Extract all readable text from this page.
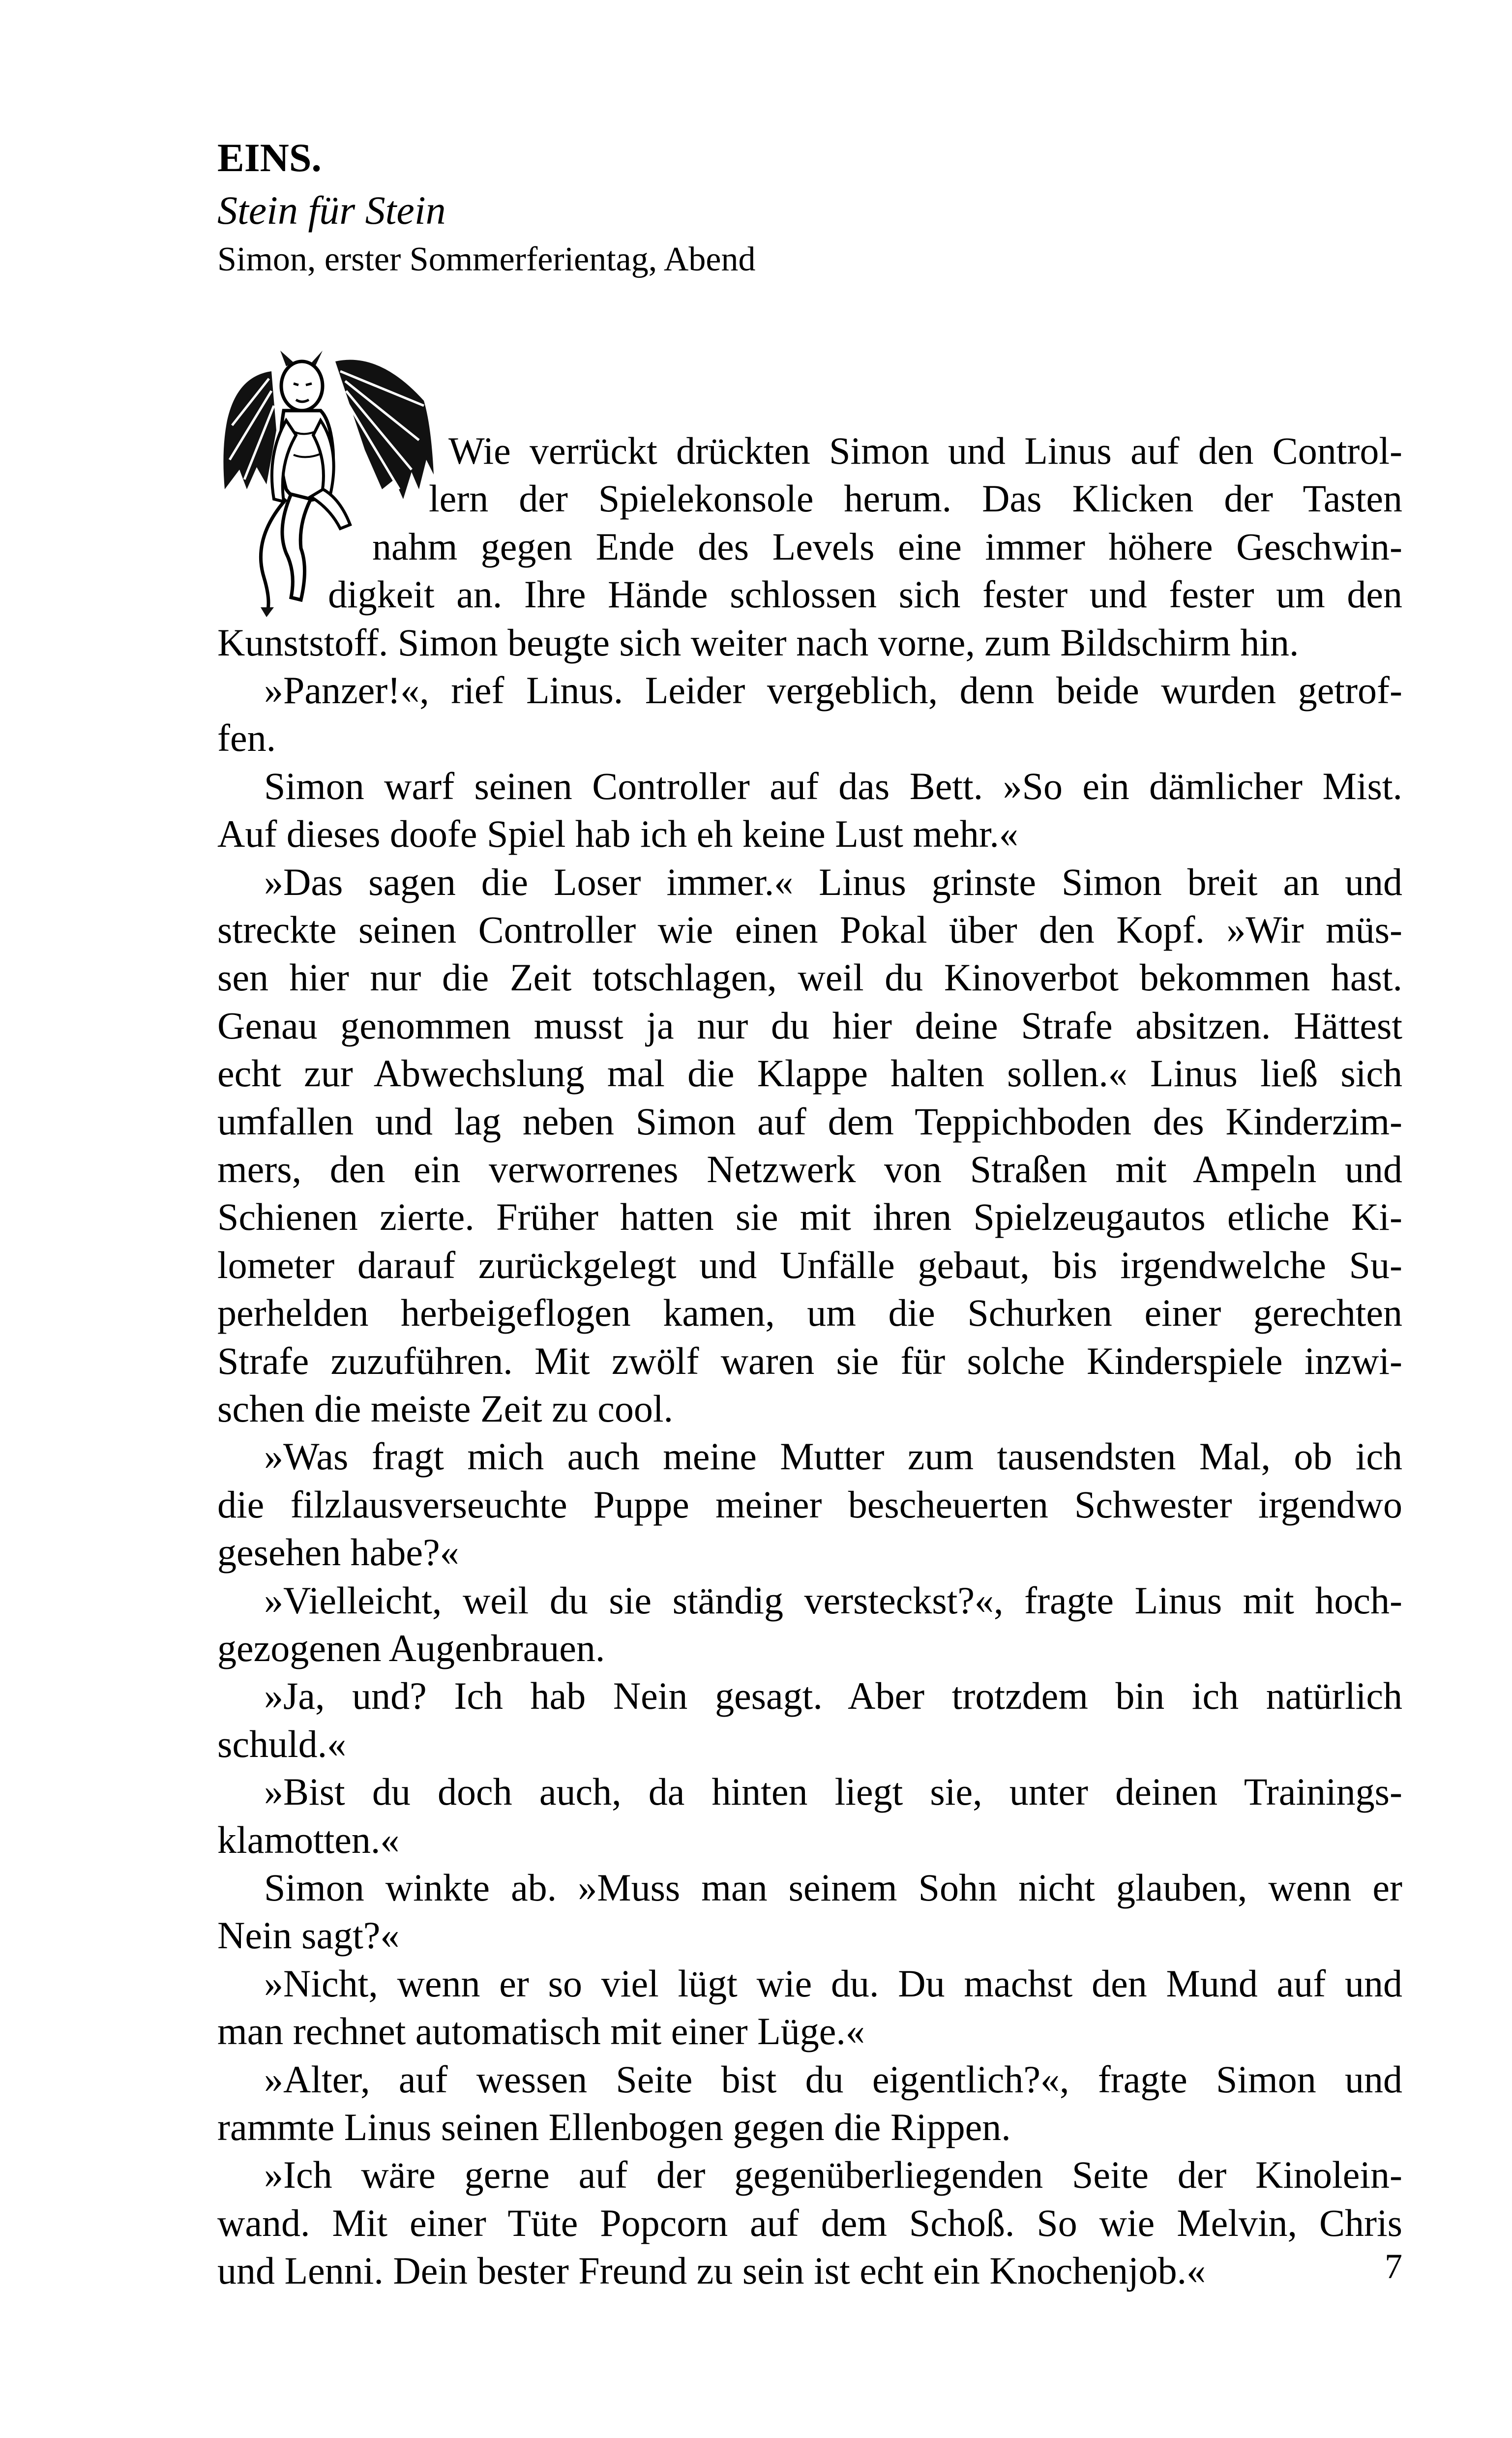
EINS.
Stein für Stein
Simon, erster Sommerferientag, Abend
Wie verrückt drückten Simon und Linus auf den Control-
lern der Spielekonsole herum. Das Klicken der Tasten
nahm gegen Ende des Levels eine immer höhere Geschwin-
digkeit an. Ihre Hände schlossen sich fester und fester um den
Kunststoff. Simon beugte sich weiter nach vorne, zum Bildschirm hin.
»Panzer!«, rief Linus. Leider vergeblich, denn beide wurden getrof-
fen.
Simon warf seinen Controller auf das Bett. »So ein dämlicher Mist.
Auf dieses doofe Spiel hab ich eh keine Lust mehr.«
»Das sagen die Loser immer.« Linus grinste Simon breit an und
streckte seinen Controller wie einen Pokal über den Kopf. »Wir müs-
sen hier nur die Zeit totschlagen, weil du Kinoverbot bekommen hast.
Genau genommen musst ja nur du hier deine Strafe absitzen. Hättest
echt zur Abwechslung mal die Klappe halten sollen.« Linus ließ sich
umfallen und lag neben Simon auf dem Teppichboden des Kinderzim-
mers, den ein verworrenes Netzwerk von Straßen mit Ampeln und
Schienen zierte. Früher hatten sie mit ihren Spielzeugautos etliche Ki-
lometer darauf zurückgelegt und Unfälle gebaut, bis irgendwelche Su-
perhelden herbeigeflogen kamen, um die Schurken einer gerechten
Strafe zuzuführen. Mit zwölf waren sie für solche Kinderspiele inzwi-
schen die meiste Zeit zu cool.
»Was fragt mich auch meine Mutter zum tausendsten Mal, ob ich
die filzlausverseuchte Puppe meiner bescheuerten Schwester irgendwo
gesehen habe?«
»Vielleicht, weil du sie ständig versteckst?«, fragte Linus mit hoch-
gezogenen Augenbrauen.
»Ja, und? Ich hab Nein gesagt. Aber trotzdem bin ich natürlich
schuld.«
»Bist du doch auch, da hinten liegt sie, unter deinen Trainings-
klamotten.«
Simon winkte ab. »Muss man seinem Sohn nicht glauben, wenn er
Nein sagt?«
»Nicht, wenn er so viel lügt wie du. Du machst den Mund auf und
man rechnet automatisch mit einer Lüge.«
»Alter, auf wessen Seite bist du eigentlich?«, fragte Simon und
rammte Linus seinen Ellenbogen gegen die Rippen.
»Ich wäre gerne auf der gegenüberliegenden Seite der Kinolein-
wand. Mit einer Tüte Popcorn auf dem Schoß. So wie Melvin, Chris
und Lenni. Dein bester Freund zu sein ist echt ein Knochenjob.«	7
